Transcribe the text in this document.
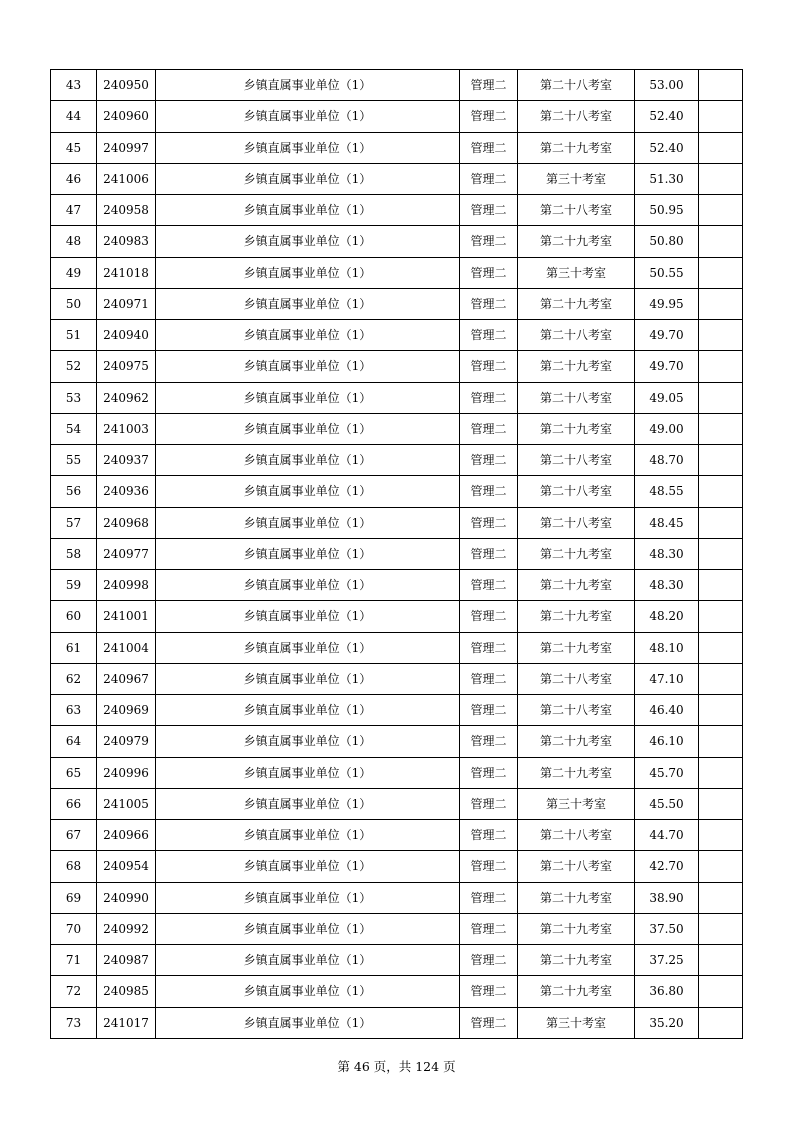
43	240950	乡镇直属事业单位（1）	管理二	第二十八考室	53.00	
44	240960	乡镇直属事业单位（1）	管理二	第二十八考室	52.40	
45	240997	乡镇直属事业单位（1）	管理二	第二十九考室	52.40	
46	241006	乡镇直属事业单位（1）	管理二	第三十考室	51.30	
47	240958	乡镇直属事业单位（1）	管理二	第二十八考室	50.95	
48	240983	乡镇直属事业单位（1）	管理二	第二十九考室	50.80	
49	241018	乡镇直属事业单位（1）	管理二	第三十考室	50.55	
50	240971	乡镇直属事业单位（1）	管理二	第二十九考室	49.95	
51	240940	乡镇直属事业单位（1）	管理二	第二十八考室	49.70	
52	240975	乡镇直属事业单位（1）	管理二	第二十九考室	49.70	
53	240962	乡镇直属事业单位（1）	管理二	第二十八考室	49.05	
54	241003	乡镇直属事业单位（1）	管理二	第二十九考室	49.00	
55	240937	乡镇直属事业单位（1）	管理二	第二十八考室	48.70	
56	240936	乡镇直属事业单位（1）	管理二	第二十八考室	48.55	
57	240968	乡镇直属事业单位（1）	管理二	第二十八考室	48.45	
58	240977	乡镇直属事业单位（1）	管理二	第二十九考室	48.30	
59	240998	乡镇直属事业单位（1）	管理二	第二十九考室	48.30	
60	241001	乡镇直属事业单位（1）	管理二	第二十九考室	48.20	
61	241004	乡镇直属事业单位（1）	管理二	第二十九考室	48.10	
62	240967	乡镇直属事业单位（1）	管理二	第二十八考室	47.10	
63	240969	乡镇直属事业单位（1）	管理二	第二十八考室	46.40	
64	240979	乡镇直属事业单位（1）	管理二	第二十九考室	46.10	
65	240996	乡镇直属事业单位（1）	管理二	第二十九考室	45.70	
66	241005	乡镇直属事业单位（1）	管理二	第三十考室	45.50	
67	240966	乡镇直属事业单位（1）	管理二	第二十八考室	44.70	
68	240954	乡镇直属事业单位（1）	管理二	第二十八考室	42.70	
69	240990	乡镇直属事业单位（1）	管理二	第二十九考室	38.90	
70	240992	乡镇直属事业单位（1）	管理二	第二十九考室	37.50	
71	240987	乡镇直属事业单位（1）	管理二	第二十九考室	37.25	
72	240985	乡镇直属事业单位（1）	管理二	第二十九考室	36.80	
73	241017	乡镇直属事业单位（1）	管理二	第三十考室	35.20	
第 46 页，共 124 页
